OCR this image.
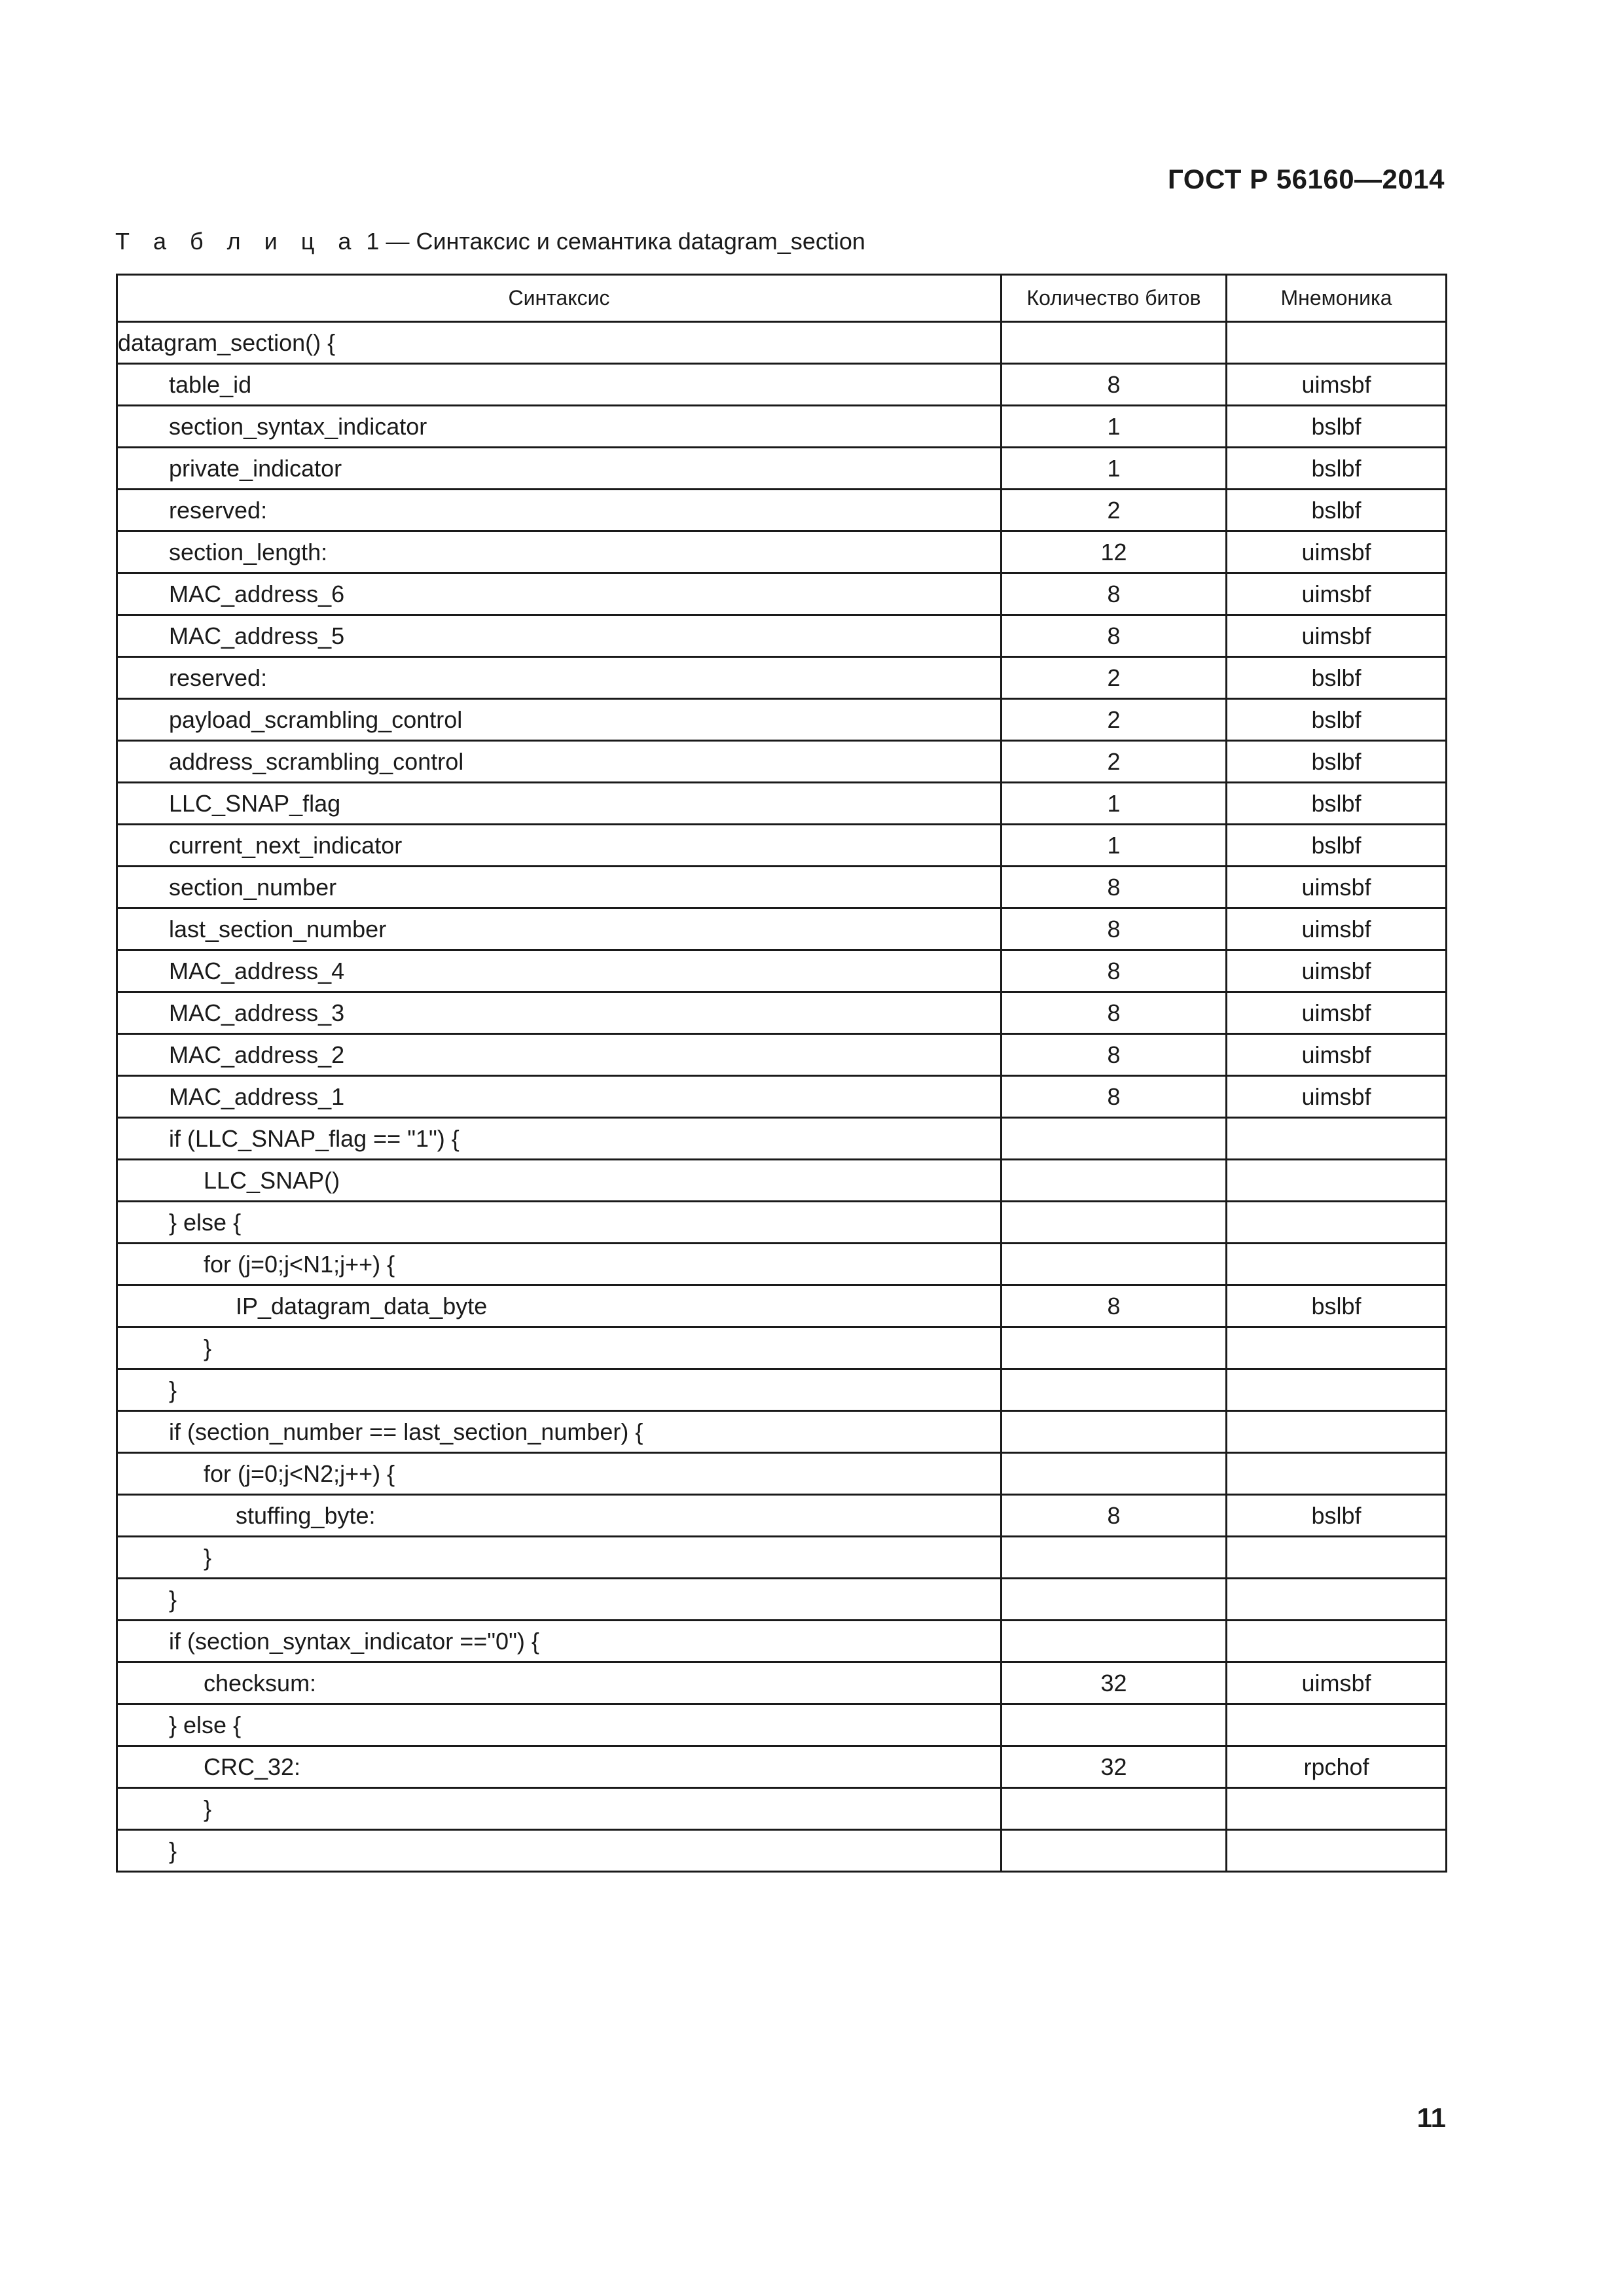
ГОСТ Р 56160—2014
Т а б л и ц а 1 — Синтаксис и семантика datagram_section
Синтаксис	Количество битов	Мнемоника
datagram_section() {		
table_id	8	uimsbf
section_syntax_indicator	1	bslbf
private_indicator	1	bslbf
reserved:	2	bslbf
section_length:	12	uimsbf
MAC_address_6	8	uimsbf
MAC_address_5	8	uimsbf
reserved:	2	bslbf
payload_scrambling_control	2	bslbf
address_scrambling_control	2	bslbf
LLC_SNAP_flag	1	bslbf
current_next_indicator	1	bslbf
section_number	8	uimsbf
last_section_number	8	uimsbf
MAC_address_4	8	uimsbf
MAC_address_3	8	uimsbf
MAC_address_2	8	uimsbf
MAC_address_1	8	uimsbf
if (LLC_SNAP_flag == "1") {		
LLC_SNAP()		
} else {		
for (j=0;j<N1;j++) {		
IP_datagram_data_byte	8	bslbf
}		
}		
if (section_number == last_section_number) {		
for (j=0;j<N2;j++) {		
stuffing_byte:	8	bslbf
}		
}		
if (section_syntax_indicator =="0") {		
checksum:	32	uimsbf
} else {		
CRC_32:	32	rpchof
}		
}		
11
